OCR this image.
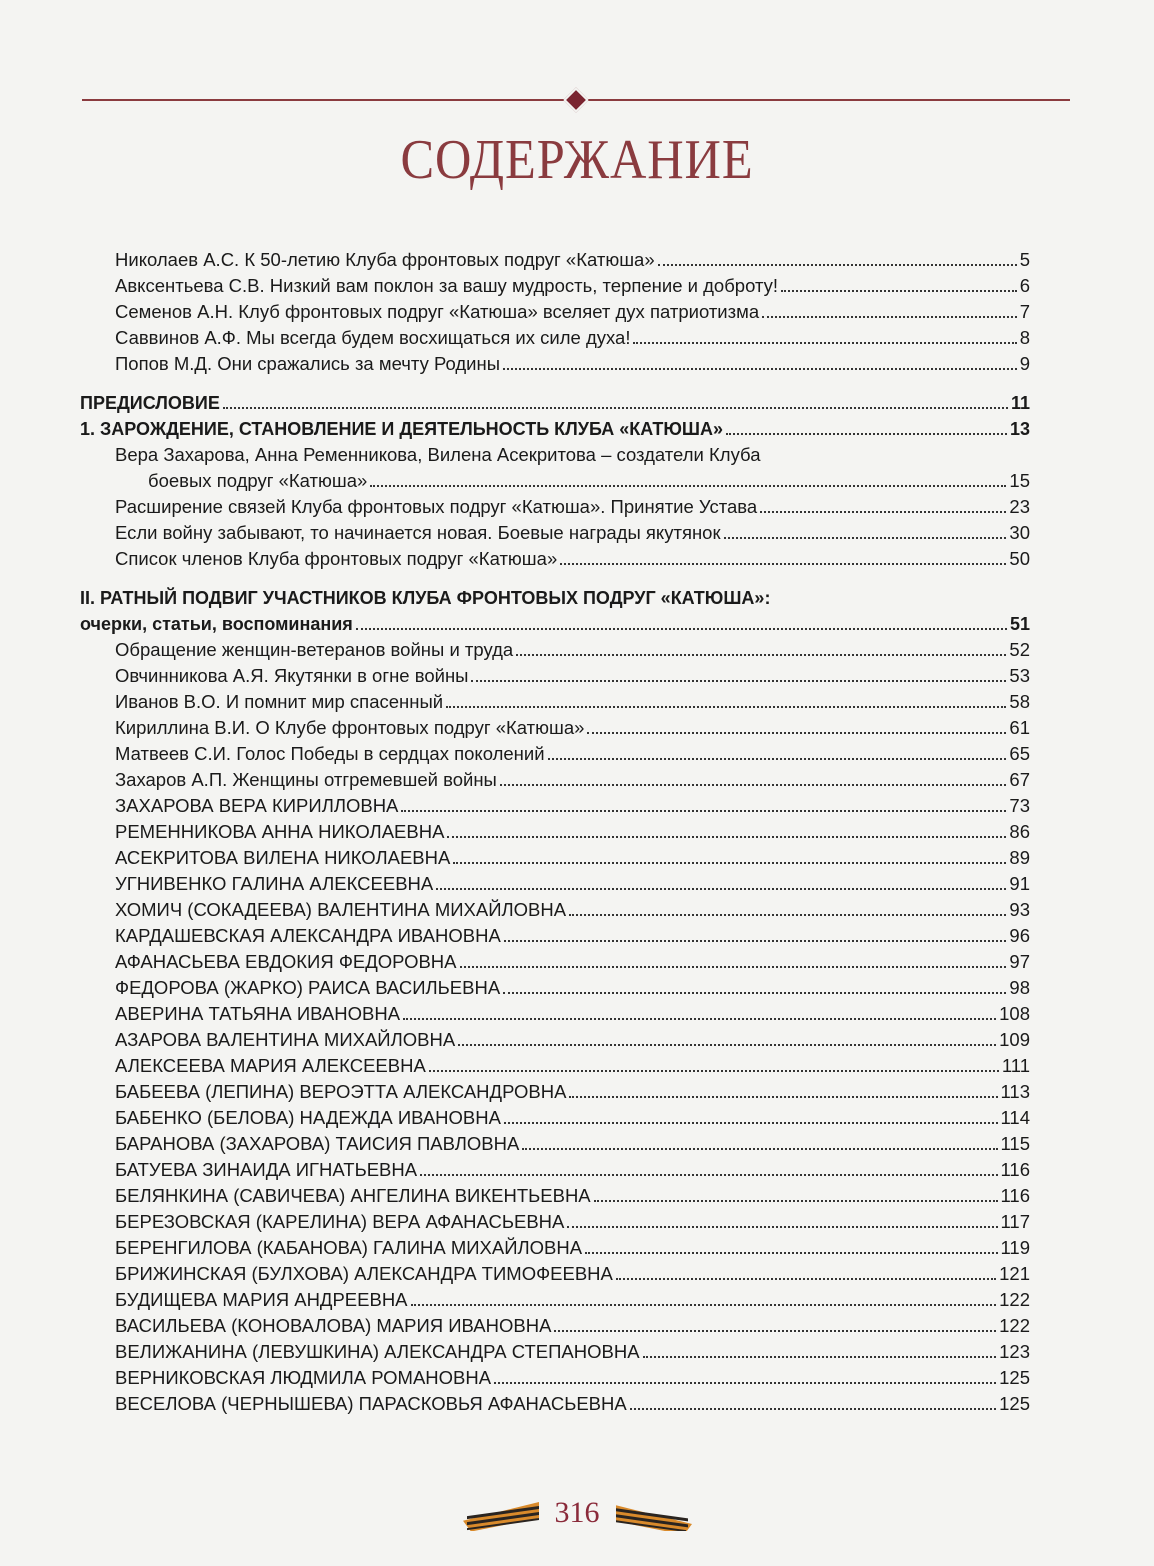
СОДЕРЖАНИЕ
Николаев А.С. К 50-летию Клуба фронтовых подруг «Катюша»	5
Авксентьева С.В. Низкий вам поклон за вашу мудрость, терпение и доброту!	6
Семенов А.Н. Клуб фронтовых подруг «Катюша» вселяет дух патриотизма	7
Саввинов А.Ф. Мы всегда будем восхищаться их силе духа!	8
Попов М.Д. Они сражались за мечту Родины	9
ПРЕДИСЛОВИЕ	11
1. ЗАРОЖДЕНИЕ, СТАНОВЛЕНИЕ И ДЕЯТЕЛЬНОСТЬ КЛУБА «КАТЮША»	13
Вера Захарова, Анна Ременникова, Вилена Асекритова – создатели Клуба
боевых подруг «Катюша»	15
Расширение связей Клуба фронтовых подруг «Катюша». Принятие Устава	23
Если войну забывают, то начинается новая. Боевые награды якутянок	30
Список членов Клуба фронтовых подруг «Катюша»	50
II. РАТНЫЙ ПОДВИГ УЧАСТНИКОВ КЛУБА ФРОНТОВЫХ ПОДРУГ «КАТЮША»:
очерки, статьи, воспоминания	51
Обращение женщин-ветеранов войны и труда	52
Овчинникова А.Я. Якутянки в огне войны	53
Иванов В.О. И помнит мир спасенный	58
Кириллина В.И. О Клубе фронтовых подруг «Катюша»	61
Матвеев С.И. Голос Победы в сердцах поколений	65
Захаров А.П. Женщины отгремевшей войны	67
ЗАХАРОВА ВЕРА КИРИЛЛОВНА	73
РЕМЕННИКОВА АННА НИКОЛАЕВНА	86
АСЕКРИТОВА ВИЛЕНА НИКОЛАЕВНА	89
УГНИВЕНКО ГАЛИНА АЛЕКСЕЕВНА	91
ХОМИЧ (СОКАДЕЕВА) ВАЛЕНТИНА МИХАЙЛОВНА	93
КАРДАШЕВСКАЯ АЛЕКСАНДРА ИВАНОВНА	96
АФАНАСЬЕВА ЕВДОКИЯ ФЕДОРОВНА	97
ФЕДОРОВА (ЖАРКО) РАИСА ВАСИЛЬЕВНА	98
АВЕРИНА ТАТЬЯНА ИВАНОВНА	108
АЗАРОВА ВАЛЕНТИНА МИХАЙЛОВНА	109
АЛЕКСЕЕВА МАРИЯ АЛЕКСЕЕВНА	111
БАБЕЕВА (ЛЕПИНА) ВЕРОЭТТА АЛЕКСАНДРОВНА	113
БАБЕНКО (БЕЛОВА) НАДЕЖДА ИВАНОВНА	114
БАРАНОВА (ЗАХАРОВА) ТАИСИЯ ПАВЛОВНА	115
БАТУЕВА ЗИНАИДА ИГНАТЬЕВНА	116
БЕЛЯНКИНА (САВИЧЕВА) АНГЕЛИНА ВИКЕНТЬЕВНА	116
БЕРЕЗОВСКАЯ (КАРЕЛИНА) ВЕРА АФАНАСЬЕВНА	117
БЕРЕНГИЛОВА (КАБАНОВА) ГАЛИНА МИХАЙЛОВНА	119
БРИЖИНСКАЯ (БУЛХОВА) АЛЕКСАНДРА ТИМОФЕЕВНА	121
БУДИЩЕВА МАРИЯ АНДРЕЕВНА	122
ВАСИЛЬЕВА (КОНОВАЛОВА) МАРИЯ ИВАНОВНА	122
ВЕЛИЖАНИНА (ЛЕВУШКИНА) АЛЕКСАНДРА СТЕПАНОВНА	123
ВЕРНИКОВСКАЯ ЛЮДМИЛА РОМАНОВНА	125
ВЕСЕЛОВА (ЧЕРНЫШЕВА) ПАРАСКОВЬЯ АФАНАСЬЕВНА	125
316
